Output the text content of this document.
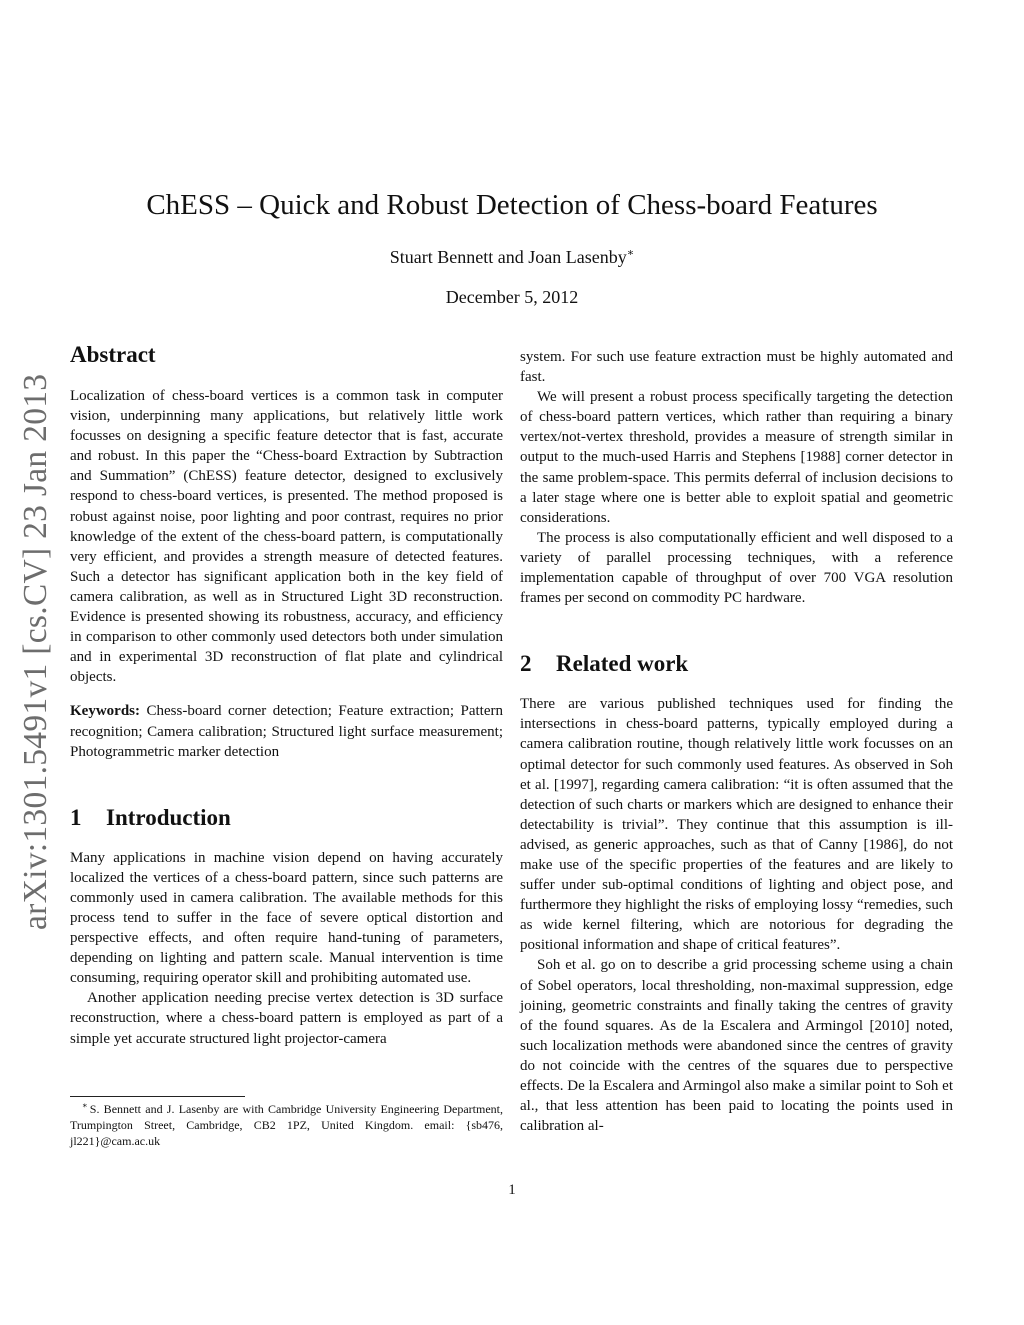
arXiv:1301.5491v1 [cs.CV] 23 Jan 2013
ChESS – Quick and Robust Detection of Chess-board Features
Stuart Bennett and Joan Lasenby∗
December 5, 2012
Abstract

Localization of chess-board vertices is a common task in computer vision, underpinning many applications, but relatively little work focusses on designing a specific feature detector that is fast, accurate and robust. In this paper the “Chess-board Extraction by Subtraction and Summation” (ChESS) feature detector, designed to exclusively respond to chess-board vertices, is presented. The method proposed is robust against noise, poor lighting and poor contrast, requires no prior knowledge of the extent of the chess-board pattern, is computationally very efficient, and provides a strength measure of detected features. Such a detector has significant application both in the key field of camera calibration, as well as in Structured Light 3D reconstruction. Evidence is presented showing its robustness, accuracy, and efficiency in comparison to other commonly used detectors both under simulation and in experimental 3D reconstruction of flat plate and cylindrical objects.

Keywords: Chess-board corner detection; Feature extraction; Pattern recognition; Camera calibration; Structured light surface measurement; Photogrammetric marker detection

1 Introduction

Many applications in machine vision depend on having accurately localized the vertices of a chess-board pattern, since such patterns are commonly used in camera calibration. The available methods for this process tend to suffer in the face of severe optical distortion and perspective effects, and often require hand-tuning of parameters, depending on lighting and pattern scale. Manual intervention is time consuming, requiring operator skill and prohibiting automated use.

Another application needing precise vertex detection is 3D surface reconstruction, where a chess-board pattern is employed as part of a simple yet accurate structured light projector-camera

∗ S. Bennett and J. Lasenby are with Cambridge University Engineering Department, Trumpington Street, Cambridge, CB2 1PZ, United Kingdom. email: {sb476, jl221}@cam.ac.uk

system. For such use feature extraction must be highly automated and fast.

We will present a robust process specifically targeting the detection of chess-board pattern vertices, which rather than requiring a binary vertex/not-vertex threshold, provides a measure of strength similar in output to the much-used Harris and Stephens [1988] corner detector in the same problem-space. This permits deferral of inclusion decisions to a later stage where one is better able to exploit spatial and geometric considerations.

The process is also computationally efficient and well disposed to a variety of parallel processing techniques, with a reference implementation capable of throughput of over 700 VGA resolution frames per second on commodity PC hardware.

2 Related work

There are various published techniques used for finding the intersections in chess-board patterns, typically employed during a camera calibration routine, though relatively little work focusses on an optimal detector for such commonly used features. As observed in Soh et al. [1997], regarding camera calibration: “it is often assumed that the detection of such charts or markers which are designed to enhance their detectability is trivial”. They continue that this assumption is ill-advised, as generic approaches, such as that of Canny [1986], do not make use of the specific properties of the features and are likely to suffer under sub-optimal conditions of lighting and object pose, and furthermore they highlight the risks of employing lossy “remedies, such as wide kernel filtering, which are notorious for degrading the positional information and shape of critical features”.

Soh et al. go on to describe a grid processing scheme using a chain of Sobel operators, local thresholding, non-maximal suppression, edge joining, geometric constraints and finally taking the centres of gravity of the found squares. As de la Escalera and Armingol [2010] noted, such localization methods were abandoned since the centres of gravity do not coincide with the centres of the squares due to perspective effects. De la Escalera and Armingol also make a similar point to Soh et al., that less attention has been paid to locating the points used in calibration al-

1
